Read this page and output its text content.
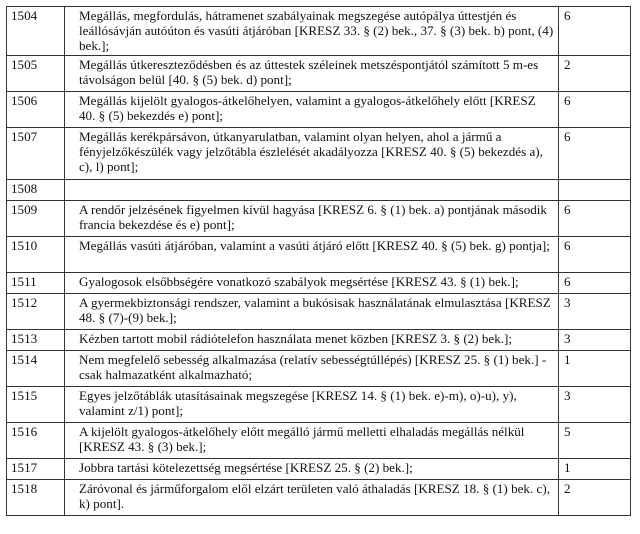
1504	Megállás, megfordulás, hátramenet szabályainak megszegése autópálya úttestjén és leállósávján autóúton és vasúti átjáróban [KRESZ 33. § (2) bek., 37. § (3) bek. b) pont, (4) bek.];	6
1505	Megállás útkereszteződésben és az úttestek széleinek metszéspontjától számított 5 m-es távolságon belül [40. § (5) bek. d) pont];	2
1506	Megállás kijelölt gyalogos-átkelőhelyen, valamint a gyalogos-átkelőhely előtt [KRESZ 40. § (5) bekezdés e) pont];	6
1507	Megállás kerékpársávon, útkanyarulatban, valamint olyan helyen, ahol a jármű a fényjelzőkészülék vagy jelzőtábla észlelését akadályozza [KRESZ 40. § (5) bekezdés a), c), l) pont];	6
1508		
1509	A rendőr jelzésének figyelmen kívül hagyása [KRESZ 6. § (1) bek. a) pontjának második francia bekezdése és e) pont];	6
1510	Megállás vasúti átjáróban, valamint a vasúti átjáró előtt [KRESZ 40. § (5) bek. g) pontja];	6
1511	Gyalogosok elsőbbségére vonatkozó szabályok megsértése [KRESZ 43. § (1) bek.];	6
1512	A gyermekbiztonsági rendszer, valamint a bukósisak használatának elmulasztása [KRESZ 48. § (7)-(9) bek.];	3
1513	Kézben tartott mobil rádiótelefon használata menet közben [KRESZ 3. § (2) bek.];	3
1514	Nem megfelelő sebesség alkalmazása (relatív sebességtúllépés) [KRESZ 25. § (1) bek.] - csak halmazatként alkalmazható;	1
1515	Egyes jelzőtáblák utasításainak megszegése [KRESZ 14. § (1) bek. e)-m), o)-u), y), valamint z/1) pont];	3
1516	A kijelölt gyalogos-átkelőhely előtt megálló jármű melletti elhaladás megállás nélkül [KRESZ 43. § (3) bek.];	5
1517	Jobbra tartási kötelezettség megsértése [KRESZ 25. § (2) bek.];	1
1518	Záróvonal és járműforgalom elől elzárt területen való áthaladás [KRESZ 18. § (1) bek. c), k) pont].	2
